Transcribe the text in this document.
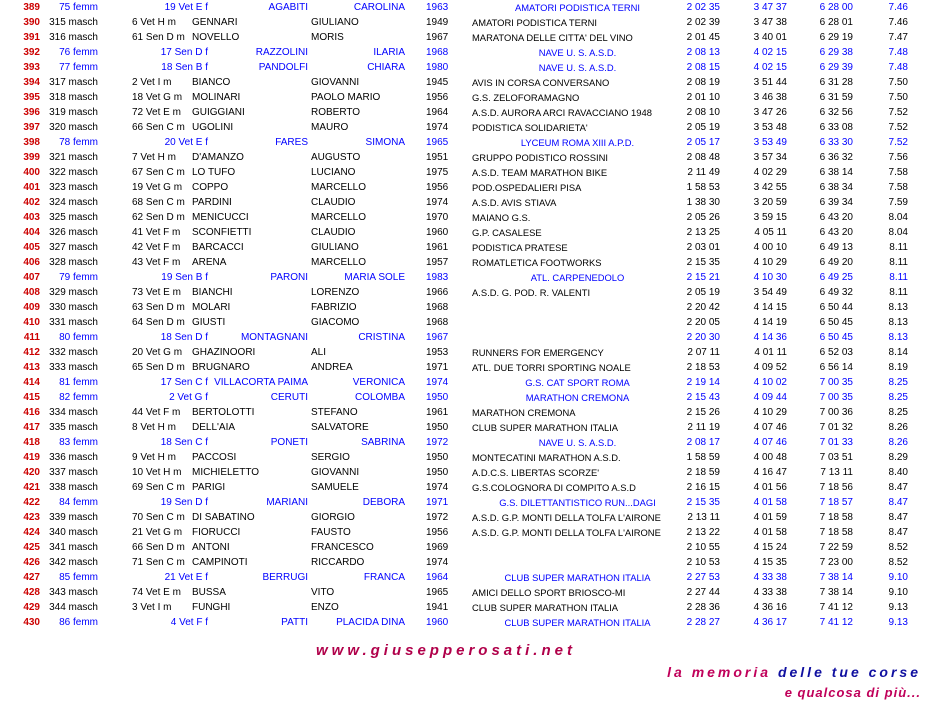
389	75 femm	19 Vet E f	AGABITI	CAROLINA 1963	AMATORI PODISTICA TERNI	2 02 35	3 47 37	6 28 00	7.46
390 315 masch	6 Vet H m	GENNARI	GIULIANO	1949	AMATORI PODISTICA TERNI	2 02 39	3 47 38	6 28 01	7.46
391 316 masch	61 Sen D m NOVELLO	MORIS	1967	MARATONA DELLE CITTA' DEL VINO	2 01 45	3 40 01	6 29 19	7.47
392	76 femm	17 Sen D f	RAZZOLINI	ILARIA 1968	NAVE U. S. A.S.D.	2 08 13	4 02 15	6 29 38	7.48
393	77 femm	18 Sen B f	PANDOLFI	CHIARA 1980	NAVE U. S. A.S.D.	2 08 15	4 02 15	6 29 39	7.48
394 317 masch	2 Vet I m	BIANCO	GIOVANNI	1945	AVIS IN CORSA CONVERSANO	2 08 19	3 51 44	6 31 28	7.50
395 318 masch	18 Vet G m MOLINARI	PAOLO MARIO	1956	G.S. ZELOFORAMAGNO	2 01 10	3 46 38	6 31 59	7.50
396 319 masch	72 Vet E m	GUIGGIANI	ROBERTO	1964	A.S.D. AURORA ARCI RAVACCIANO 1948	2 08 10	3 47 26	6 32 56	7.52
397 320 masch	66 Sen C m UGOLINI	MAURO	1974	PODISTICA SOLIDARIETA'	2 05 19	3 53 48	6 33 08	7.52
398	78 femm	20 Vet E f	FARES	SIMONA 1965	LYCEUM ROMA XIII A.P.D.	2 05 17	3 53 49	6 33 30	7.52
399 321 masch	7 Vet H m	D'AMANZO	AUGUSTO	1951	GRUPPO PODISTICO ROSSINI	2 08 48	3 57 34	6 36 32	7.56
400 322 masch	67 Sen C m LO TUFO	LUCIANO	1975	A.S.D. TEAM MARATHON BIKE	2 11 49	4 02 29	6 38 14	7.58
401 323 masch	19 Vet G m COPPO	MARCELLO	1956	POD.OSPEDALIERI PISA	1 58 53	3 42 55	6 38 34	7.58
402 324 masch	68 Sen C m PARDINI	CLAUDIO	1974	A.S.D. AVIS STIAVA	1 38 30	3 20 59	6 39 34	7.59
403 325 masch	62 Sen D m MENICUCCI	MARCELLO	1970	MAIANO G.S.	2 05 26	3 59 15	6 43 20	8.04
404 326 masch	41 Vet F m	SCONFIETTI	CLAUDIO	1960	G.P. CASALESE	2 13 25	4 05 11	6 43 20	8.04
405 327 masch	42 Vet F m	BARCACCI	GIULIANO	1961	PODISTICA PRATESE	2 03 01	4 00 10	6 49 13	8.11
406 328 masch	43 Vet F m	ARENA	MARCELLO	1957	ROMATLETICA FOOTWORKS	2 15 35	4 10 29	6 49 20	8.11
407	79 femm	19 Sen B f	PARONI	MARIA SOLE 1983	ATL. CARPENEDOLO	2 15 21	4 10 30	6 49 25	8.11
408 329 masch	73 Vet E m	BIANCHI	LORENZO	1966	A.S.D. G. POD. R. VALENTI	2 05 19	3 54 49	6 49 32	8.11
409 330 masch	63 Sen D m MOLARI	FABRIZIO	1968	2 20 42	4 14 15	6 50 44	8.13
410 331 masch	64 Sen D m GIUSTI	GIACOMO	1968	2 20 05	4 14 19	6 50 45	8.13
411	80 femm	18 Sen D f	MONTAGNANI	CRISTINA 1967	2 20 30	4 14 36	6 50 45	8.13
412 332 masch	20 Vet G m GHAZINOORI	ALI	1953	RUNNERS FOR EMERGENCY	2 07 11	4 01 11	6 52 03	8.14
413 333 masch	65 Sen D m BRUGNARO	ANDREA	1971	ATL. DUE TORRI SPORTING NOALE	2 18 53	4 09 52	6 56 14	8.19
414	81 femm	17 Sen C f VILLACORTA PAIMA	VERONICA 1974	G.S. CAT SPORT ROMA	2 19 14	4 10 02	7 00 35	8.25
415	82 femm	2 Vet G f	CERUTI	COLOMBA 1950	MARATHON CREMONA	2 15 43	4 09 44	7 00 35	8.25
416 334 masch	44 Vet F m	BERTOLOTTI	STEFANO	1961	MARATHON CREMONA	2 15 26	4 10 29	7 00 36	8.25
417 335 masch	8 Vet H m	DELL'AIA	SALVATORE	1950	CLUB SUPER MARATHON ITALIA	2 11 19	4 07 46	7 01 32	8.26
418	83 femm	18 Sen C f	PONETI	SABRINA 1972	NAVE U. S. A.S.D.	2 08 17	4 07 46	7 01 33	8.26
419 336 masch	9 Vet H m	PACCOSI	SERGIO	1950	MONTECATINI MARATHON A.S.D.	1 58 59	4 00 48	7 03 51	8.29
420 337 masch	10 Vet H m	MICHIELETTO	GIOVANNI	1950	A.D.C.S. LIBERTAS SCORZE'	2 18 59	4 16 47	7 13 11	8.40
421 338 masch	69 Sen C m PARIGI	SAMUELE	1974	G.S.COLOGNORA DI COMPITO A.S.D	2 16 15	4 01 56	7 18 56	8.47
422	84 femm	19 Sen D f	MARIANI	DEBORA 1971	G.S. DILETTANTISTICO RUN...DAGI	2 15 35	4 01 58	7 18 57	8.47
423 339 masch	70 Sen C m DI SABATINO	GIORGIO	1972	A.S.D. G.P. MONTI DELLA TOLFA L'AIRONE	2 13 11	4 01 59	7 18 58	8.47
424 340 masch	21 Vet G m FIORUCCI	FAUSTO	1956	A.S.D. G.P. MONTI DELLA TOLFA L'AIRONE	2 13 22	4 01 58	7 18 58	8.47
425 341 masch	66 Sen D m ANTONI	FRANCESCO	1969	2 10 55	4 15 24	7 22 59	8.52
426 342 masch	71 Sen C m CAMPINOTI	RICCARDO	1974	2 10 53	4 15 35	7 23 00	8.52
427	85 femm	21 Vet E f	BERRUGI	FRANCA 1964	CLUB SUPER MARATHON ITALIA	2 27 53	4 33 38	7 38 14	9.10
428 343 masch	74 Vet E m	BUSSA	VITO	1965	AMICI DELLO SPORT BRIOSCO-MI	2 27 44	4 33 38	7 38 14	9.10
429 344 masch	3 Vet I m	FUNGHI	ENZO	1941	CLUB SUPER MARATHON ITALIA	2 28 36	4 36 16	7 41 12	9.13
430	86 femm	4 Vet F f	PATTI	PLACIDA DINA 1960	CLUB SUPER MARATHON ITALIA	2 28 27	4 36 17	7 41 12	9.13
www.giusepperosati.net
la memoria delle tue corse
e qualcosa di più...
